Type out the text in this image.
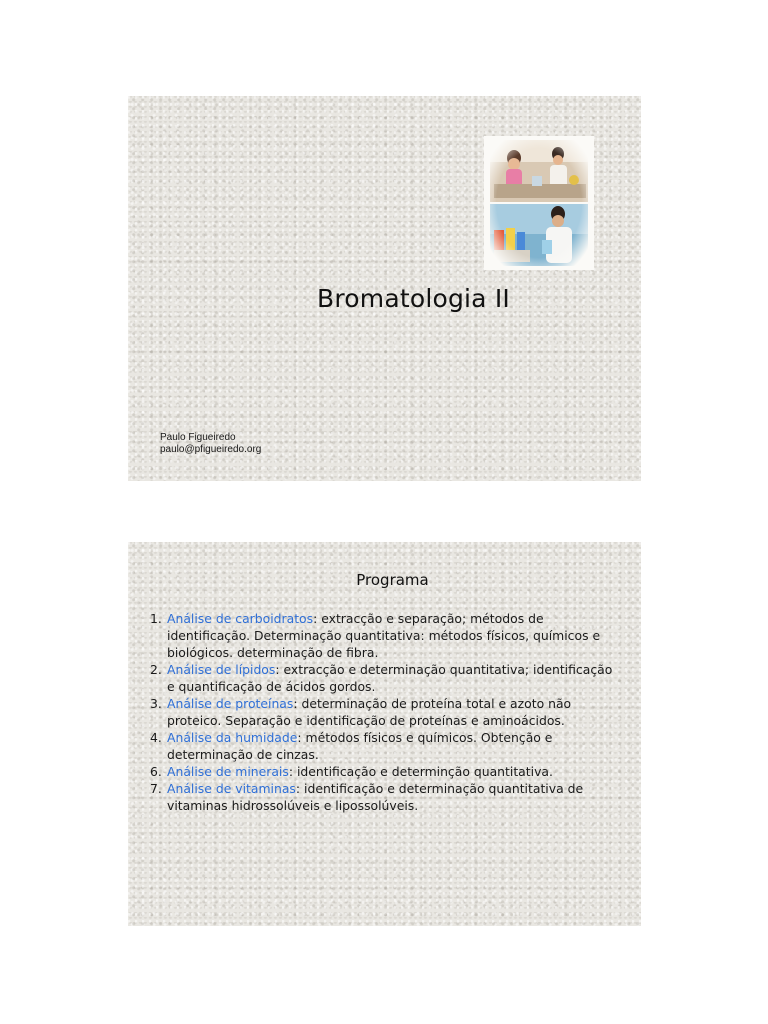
Bromatologia II
Paulo Figueiredo
paulo@pfigueiredo.org
Programa
1. Análise de carboidratos: extracção e separação; métodos de identificação. Determinação quantitativa: métodos físicos, químicos e biológicos. determinação de fibra.
2. Análise de lípidos: extracção e determinação quantitativa; identificação e quantificação de ácidos gordos.
3. Análise de proteínas: determinação de proteína total e azoto não proteico. Separação e identificação de proteínas e aminoácidos.
4. Análise da humidade: métodos físicos e químicos. Obtenção e determinação de cinzas.
6. Análise de minerais: identificação e determinção quantitativa.
7. Análise de vitaminas: identificação e determinação quantitativa de vitaminas hidrossolúveis e lipossolúveis.
